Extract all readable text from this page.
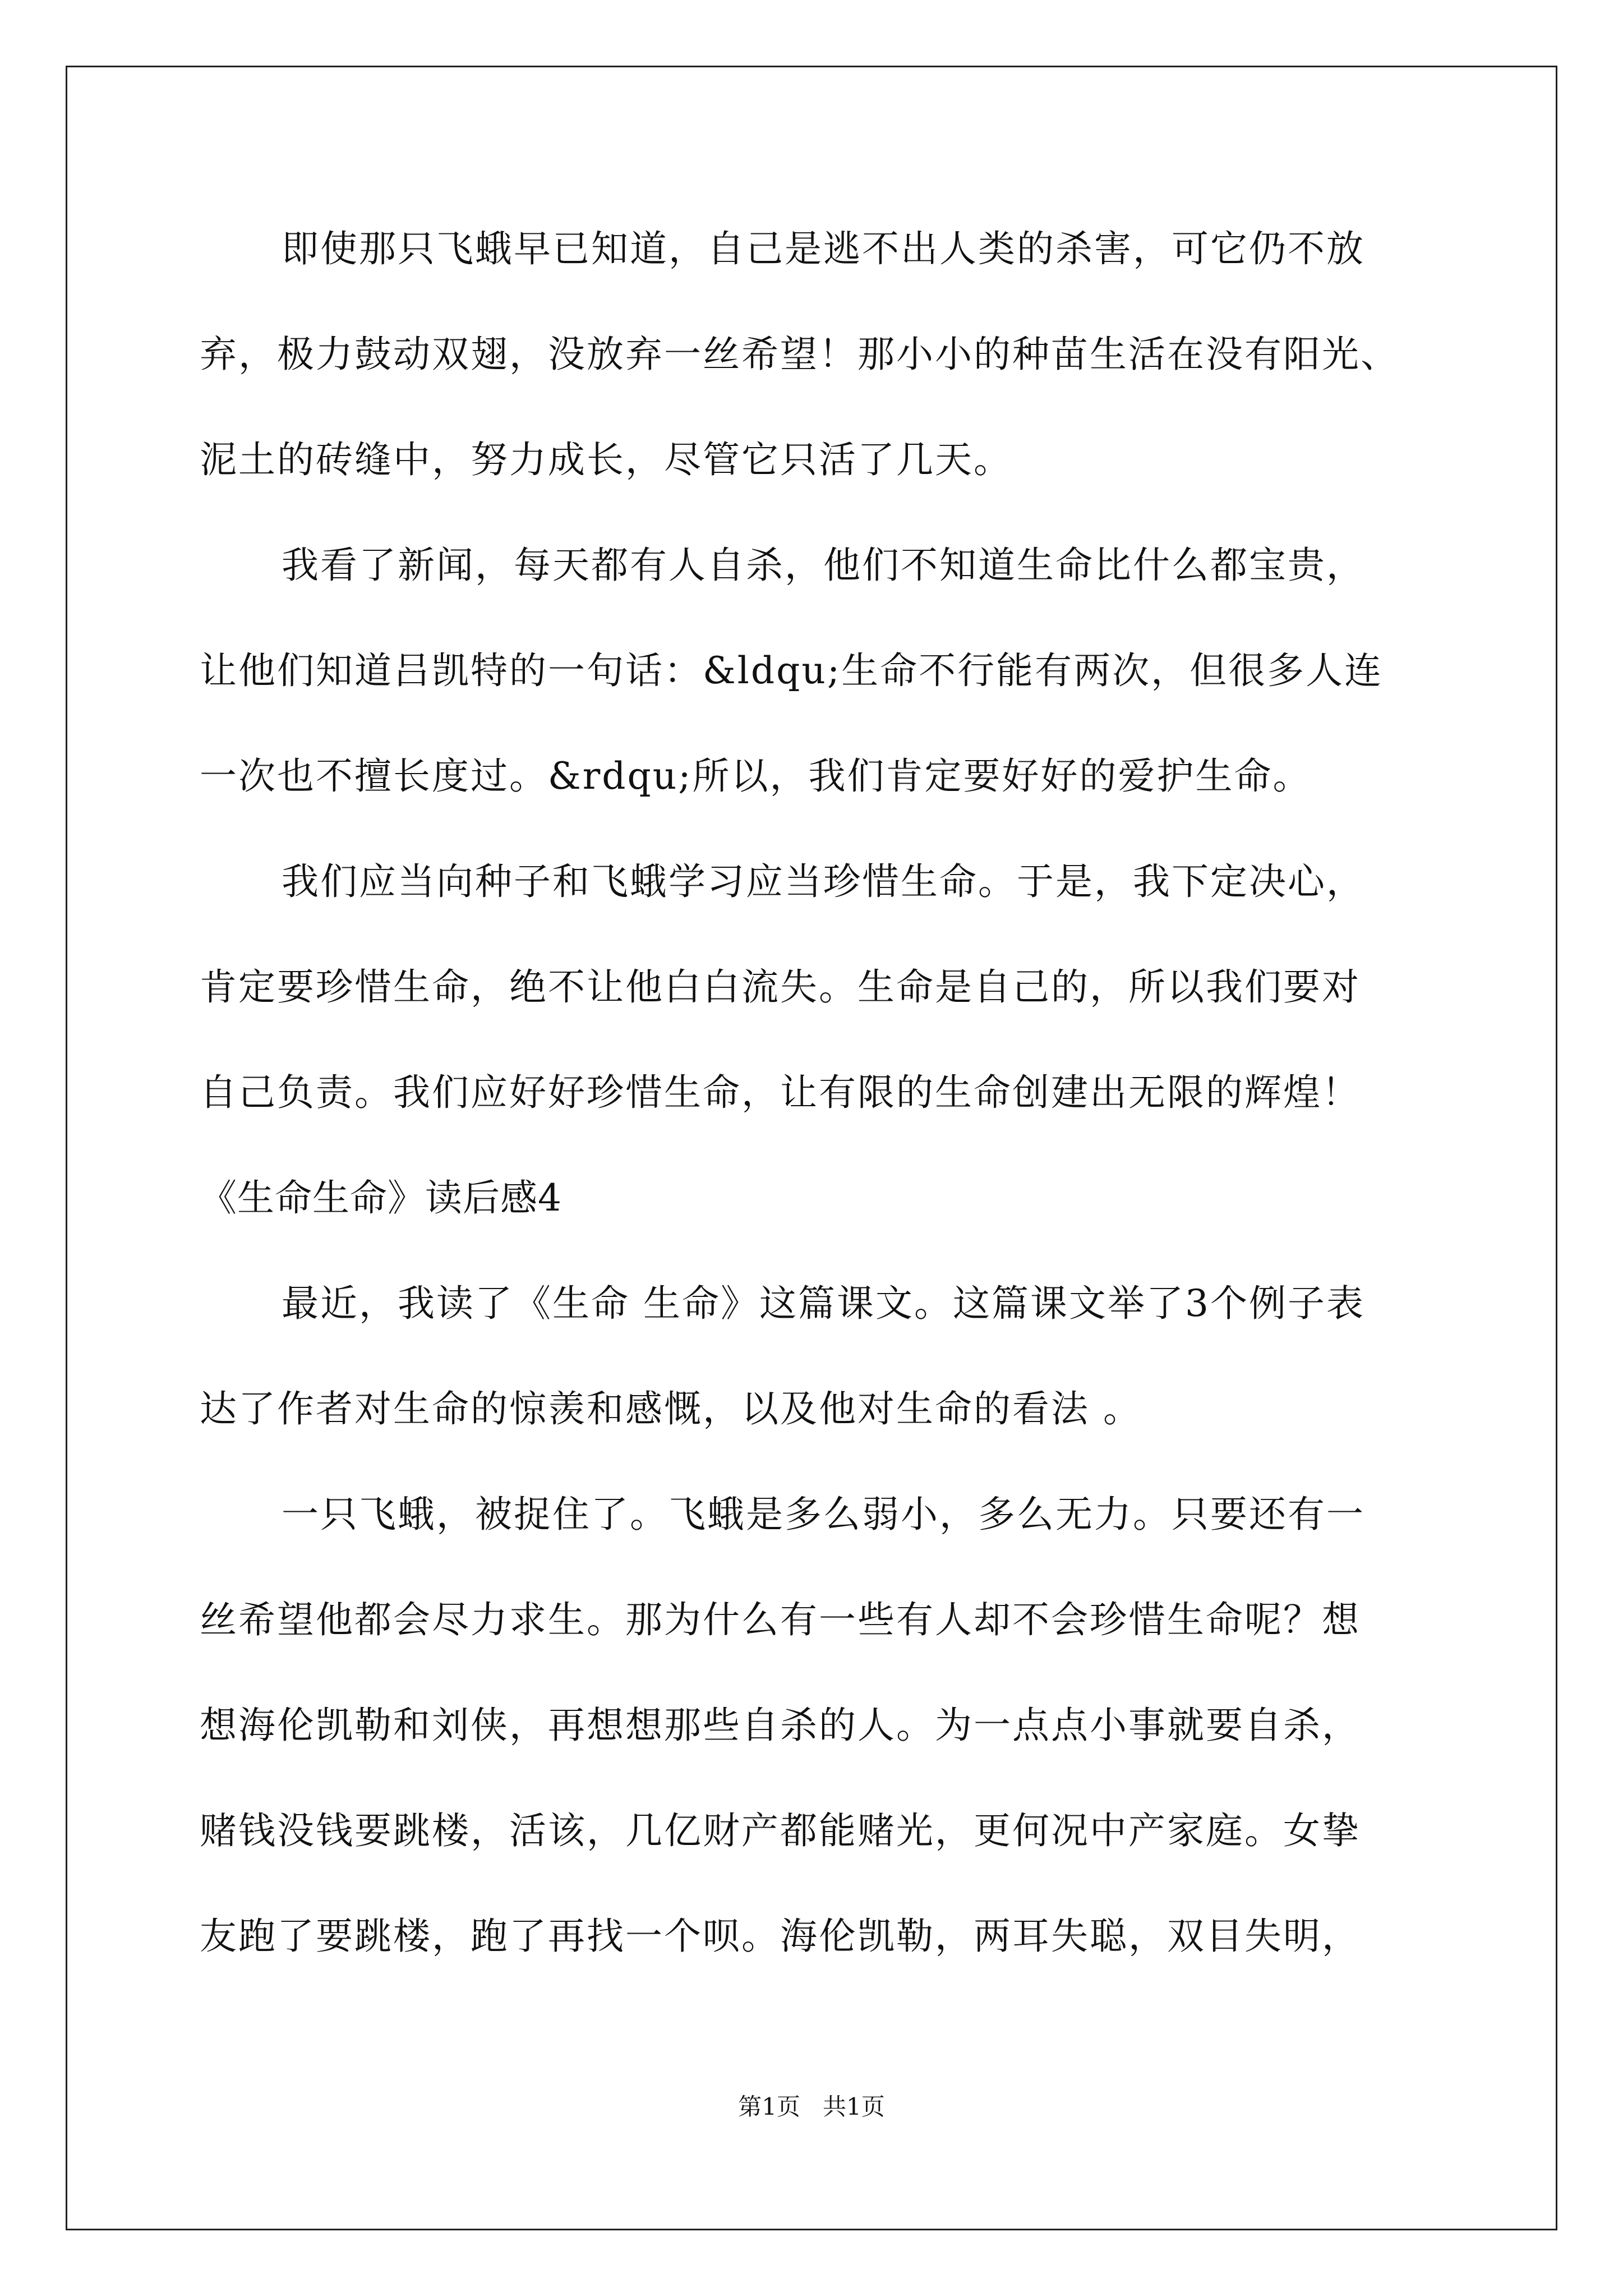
即使那只飞蛾早已知道，自己是逃不出人类的杀害，可它仍不放
弃，极力鼓动双翅，没放弃一丝希望！那小小的种苗生活在没有阳光、
泥土的砖缝中，努力成长，尽管它只活了几天。
我看了新闻，每天都有人自杀，他们不知道生命比什么都宝贵，
让他们知道吕凯特的一句话：&ldqu;生命不行能有两次，但很多人连
一次也不擅长度过。&rdqu;所以，我们肯定要好好的爱护生命。
我们应当向种子和飞蛾学习应当珍惜生命。于是，我下定决心，
肯定要珍惜生命，绝不让他白白流失。生命是自己的，所以我们要对
自己负责。我们应好好珍惜生命，让有限的生命创建出无限的辉煌！
《生命生命》读后感4
最近，我读了《生命 生命》这篇课文。这篇课文举了3个例子表
达了作者对生命的惊羡和感慨，以及他对生命的看法 。
一只飞蛾，被捉住了。飞蛾是多么弱小，多么无力。只要还有一
丝希望他都会尽力求生。那为什么有一些有人却不会珍惜生命呢？想
想海伦凯勒和刘侠，再想想那些自杀的人。为一点点小事就要自杀，
赌钱没钱要跳楼，活该，几亿财产都能赌光，更何况中产家庭。女挚
友跑了要跳楼，跑了再找一个呗。海伦凯勒，两耳失聪，双目失明，
第1页 共1页
